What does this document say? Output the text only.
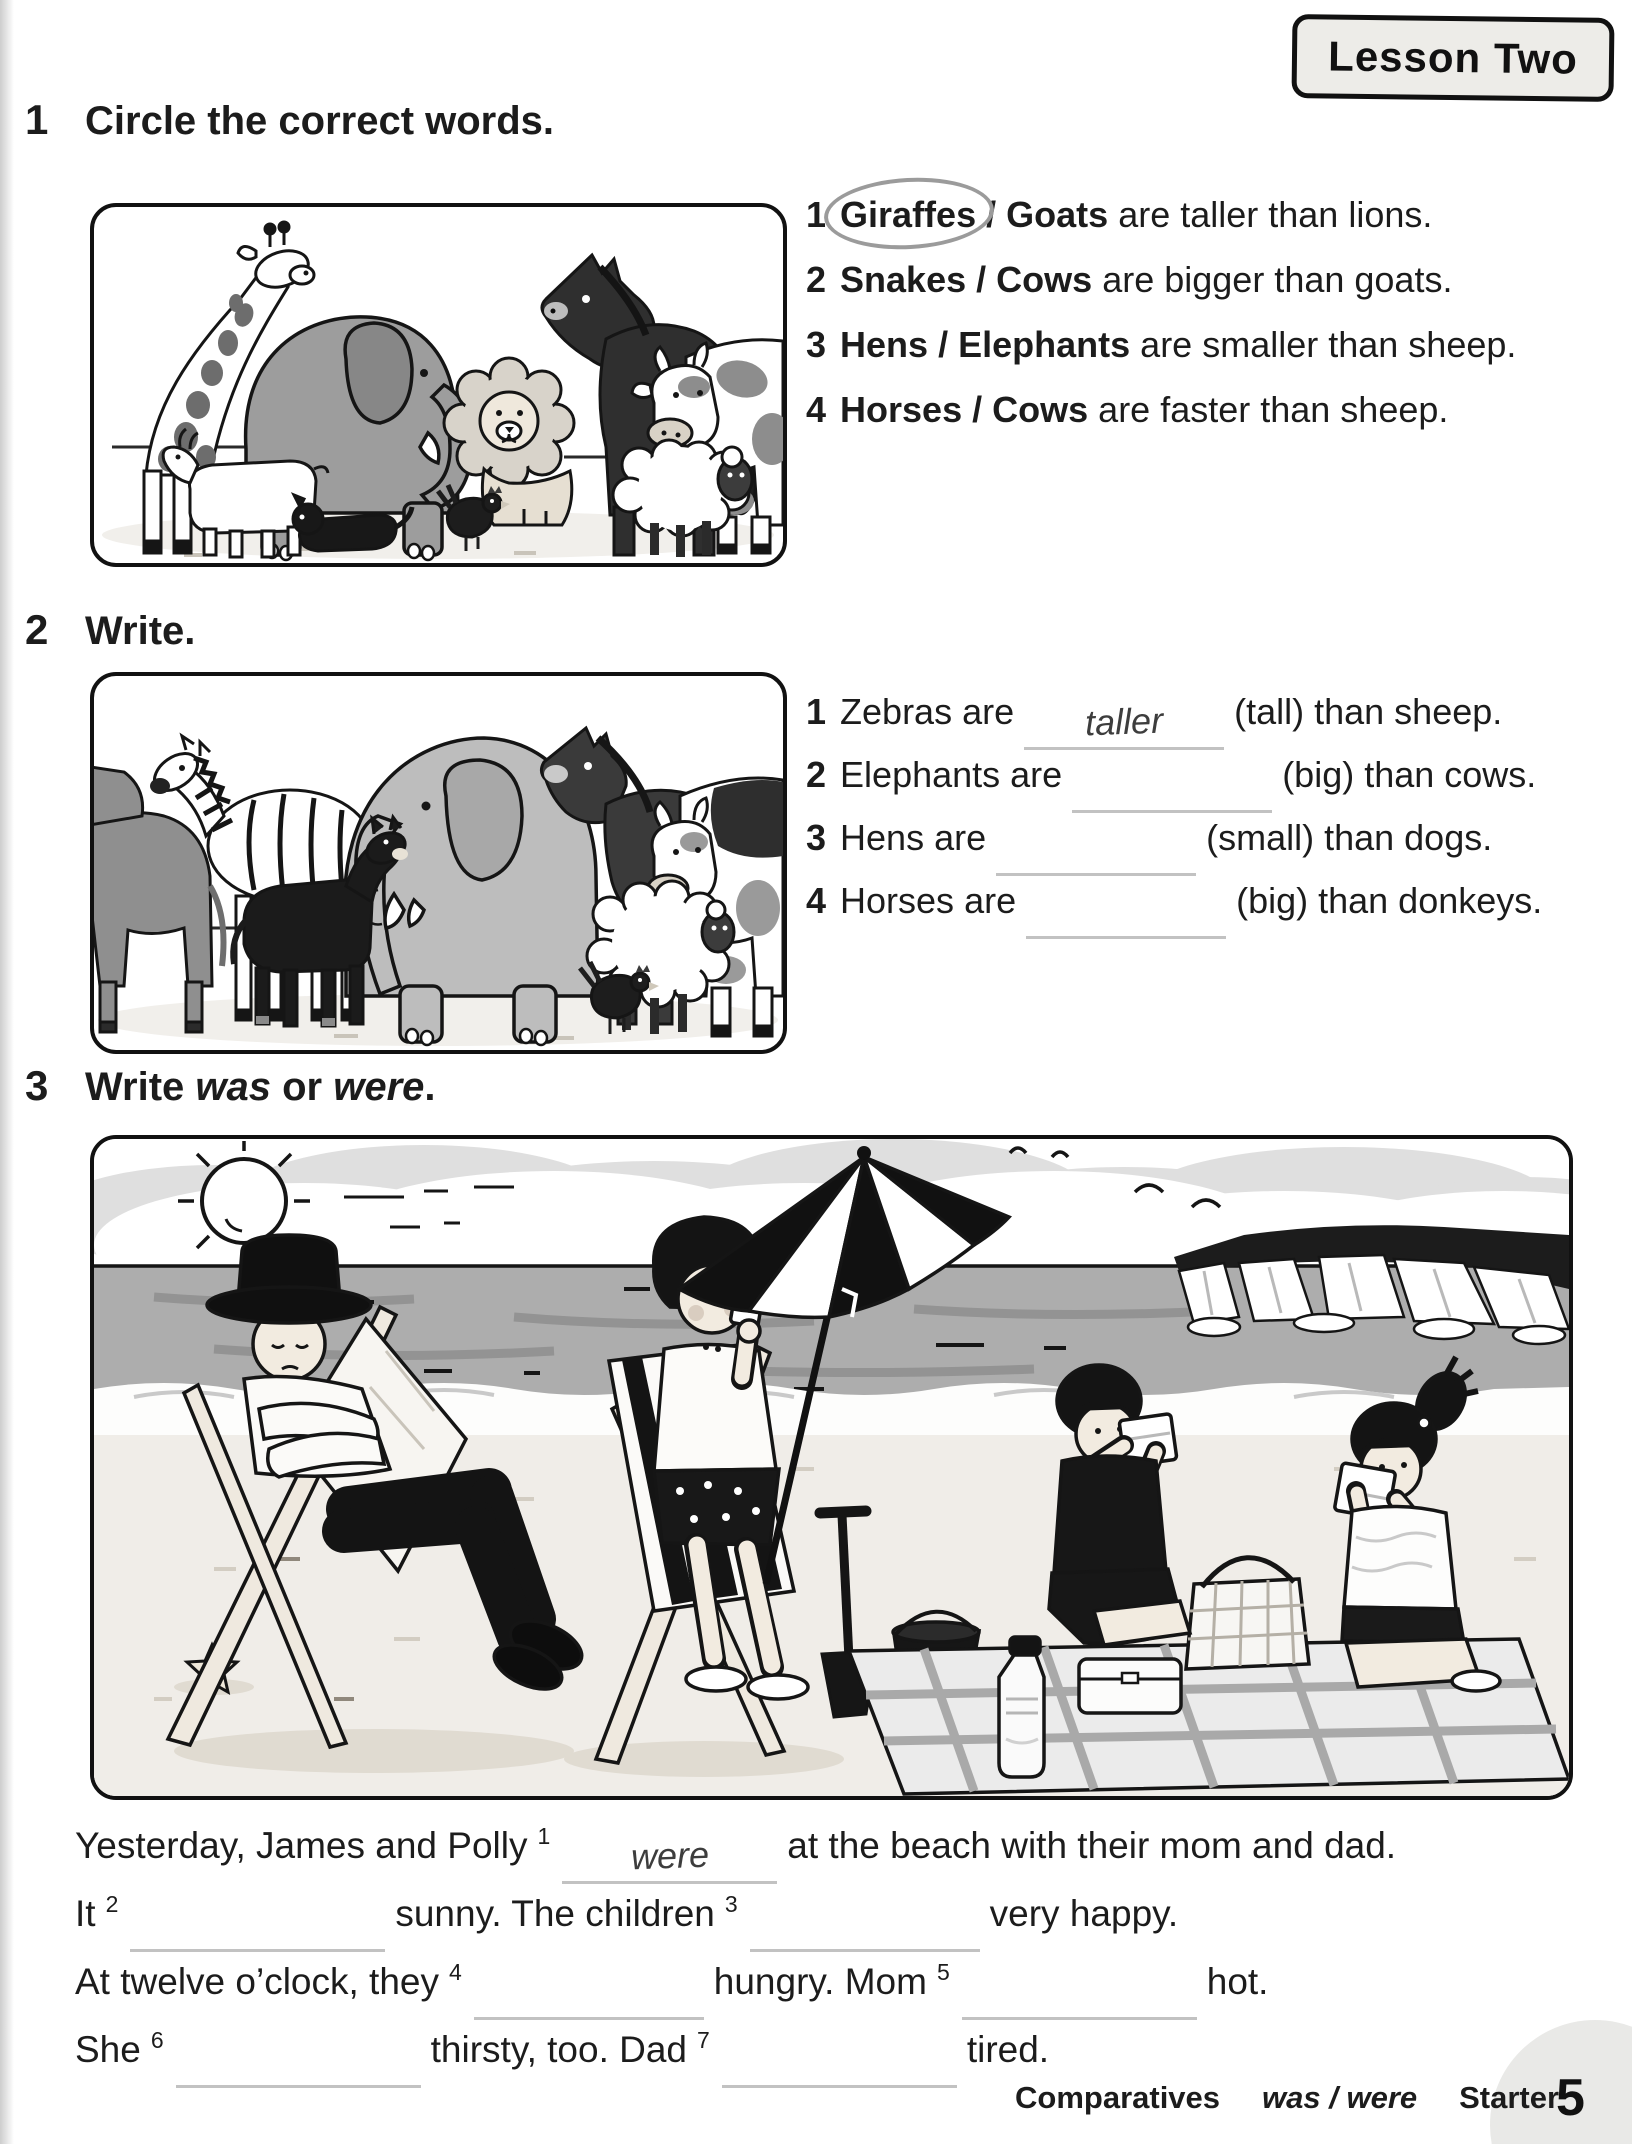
Lesson Two
1 Circle the correct words.
1 Giraffes / Goats are taller than lions.
2 Snakes / Cows are bigger than goats.
3 Hens / Elephants are smaller than sheep.
4 Horses / Cows are faster than sheep.
2 Write.
1 Zebras are taller (tall) than sheep.
2 Elephants are	(big) than cows.
3 Hens are	(small) than dogs.
4 Horses are	(big) than donkeys.
3 Write was or were.
Yesterday, James and Polly $^1$ were at the beach with their mom and dad.
It $^2$	sunny. The children $^3$	very happy.
At twelve o’clock, they $^4$	hungry. Mom $^5$	hot.
She $^6$	thirsty, too. Dad $^7$	tired.
Comparatives was / were Starter
5
